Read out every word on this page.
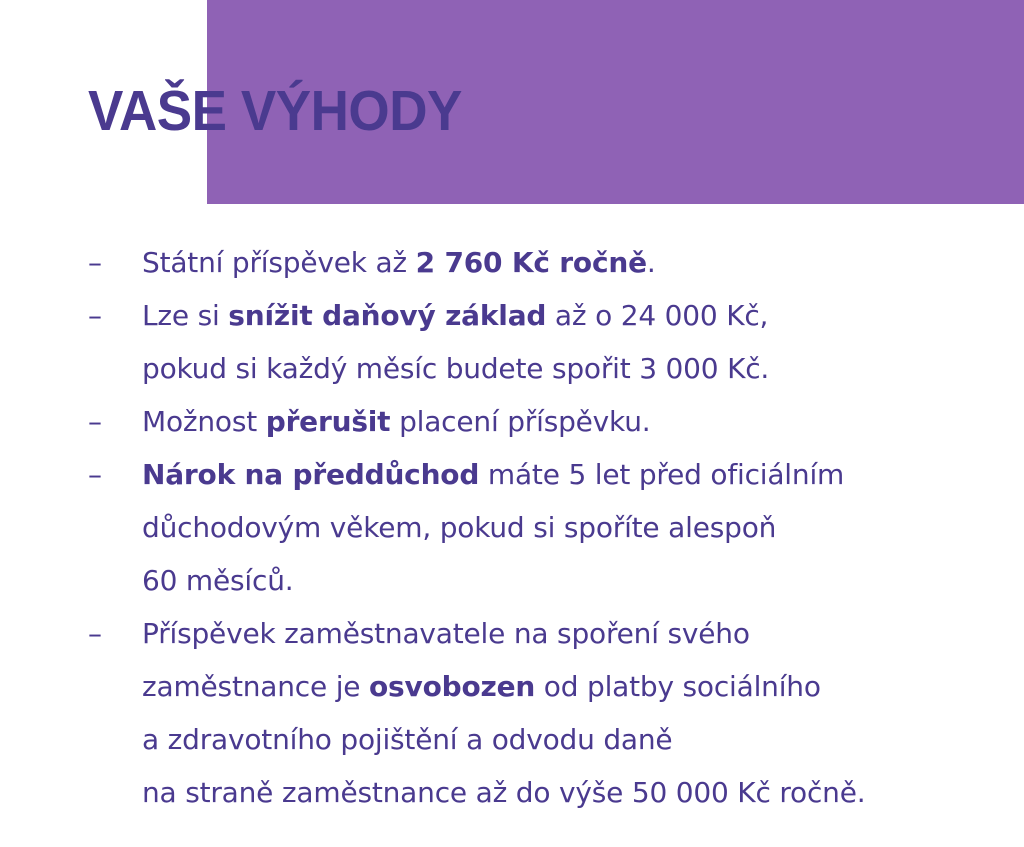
VAŠE VÝHODY
– Státní příspěvek až 2 760 Kč ročně.
– Lze si snížit daňový základ až o 24 000 Kč,
pokud si každý měsíc budete spořit 3 000 Kč.
– Možnost přerušit placení příspěvku.
– Nárok na předdůchod máte 5 let před oficiálním
důchodovým věkem, pokud si spoříte alespoň
60 měsíců.
– Příspěvek zaměstnavatele na spoření svého
zaměstnance je osvobozen od platby sociálního
a zdravotního pojištění a odvodu daně
na straně zaměstnance až do výše 50 000 Kč ročně.
